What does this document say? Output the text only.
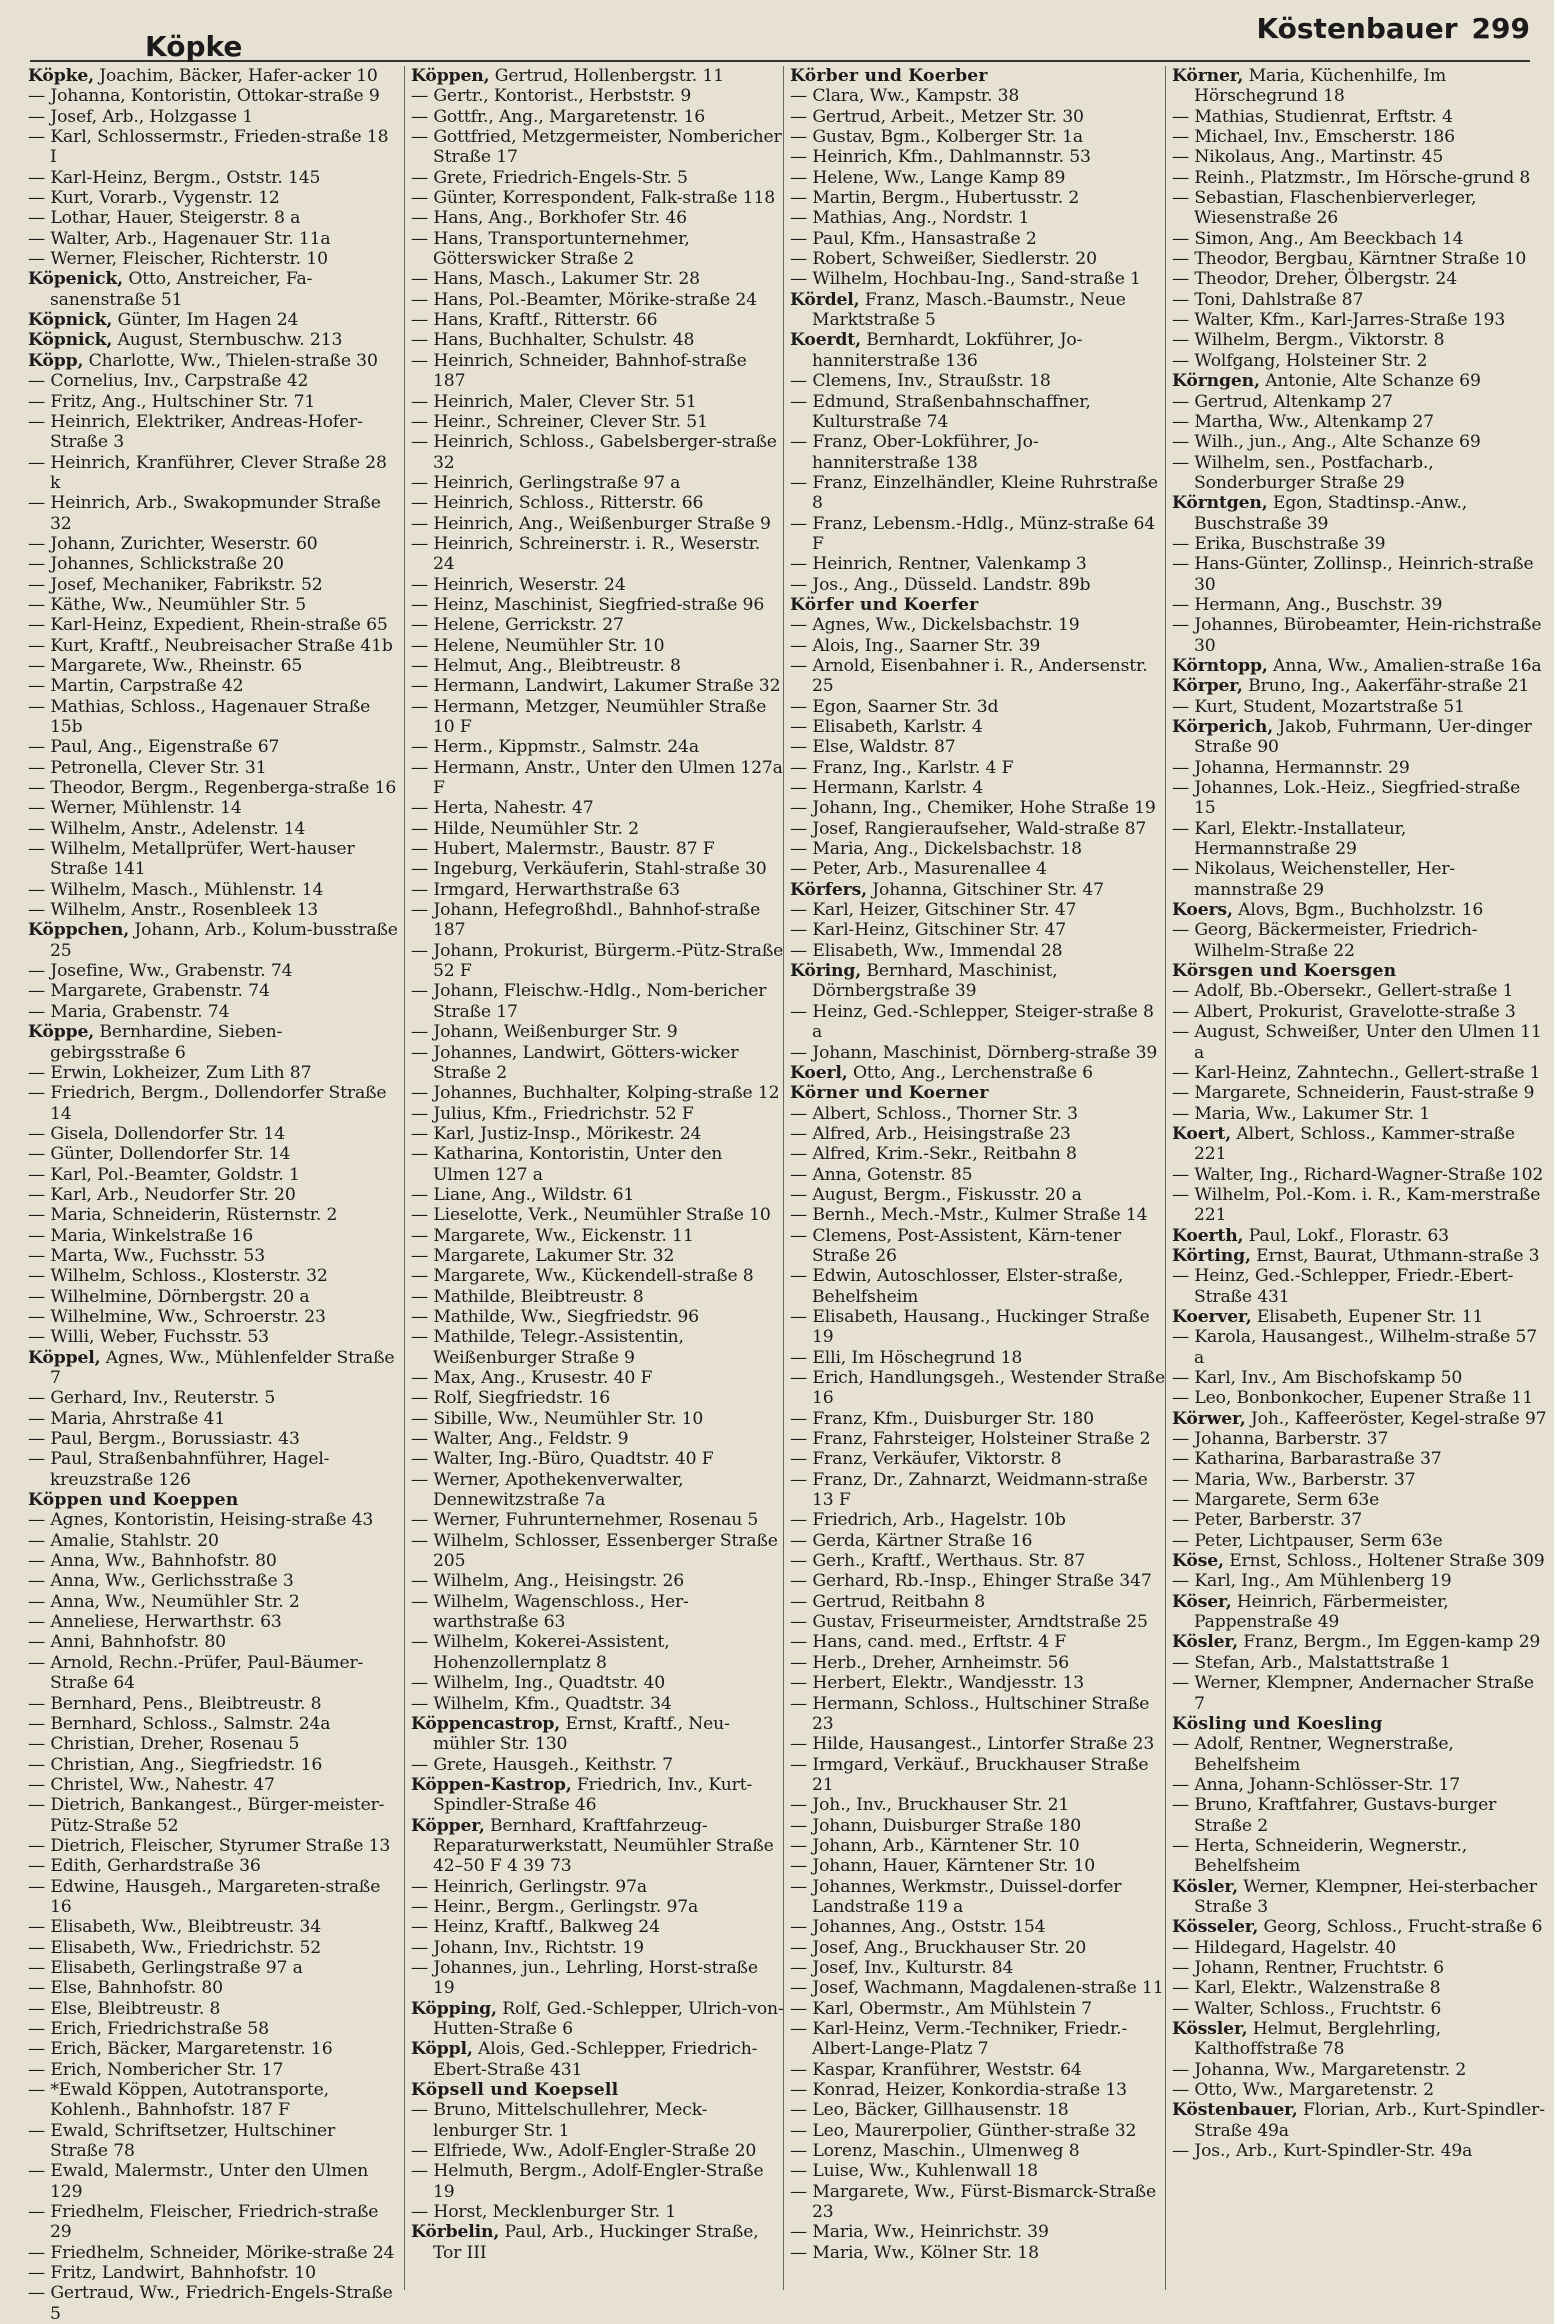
Köpke
Köstenbauer 299
Köpke, Joachim, Bäcker, Hafer-acker 10
— Johanna, Kontoristin, Ottokar-straße 9
— Josef, Arb., Holzgasse 1
— Karl, Schlossermstr., Frieden-straße 18 I
— Karl-Heinz, Bergm., Oststr. 145
— Kurt, Vorarb., Vygenstr. 12
— Lothar, Hauer, Steigerstr. 8 a
— Walter, Arb., Hagenauer Str. 11a
— Werner, Fleischer, Richterstr. 10
Köpenick, Otto, Anstreicher, Fa-sanenstraße 51
Köpnick, Günter, Im Hagen 24
Köpnick, August, Sternbuschw. 213
Köpp, Charlotte, Ww., Thielen-straße 30
— Cornelius, Inv., Carpstraße 42
— Fritz, Ang., Hultschiner Str. 71
— Heinrich, Elektriker, Andreas-Hofer-Straße 3
— Heinrich, Kranführer, Clever Straße 28 k
— Heinrich, Arb., Swakopmunder Straße 32
— Johann, Zurichter, Weserstr. 60
— Johannes, Schlickstraße 20
— Josef, Mechaniker, Fabrikstr. 52
— Käthe, Ww., Neumühler Str. 5
— Karl-Heinz, Expedient, Rhein-straße 65
— Kurt, Kraftf., Neubreisacher Straße 41b
— Margarete, Ww., Rheinstr. 65
— Martin, Carpstraße 42
— Mathias, Schloss., Hagenauer Straße 15b
— Paul, Ang., Eigenstraße 67
— Petronella, Clever Str. 31
— Theodor, Bergm., Regenberga-straße 16
— Werner, Mühlenstr. 14
— Wilhelm, Anstr., Adelenstr. 14
— Wilhelm, Metallprüfer, Wert-hauser Straße 141
— Wilhelm, Masch., Mühlenstr. 14
— Wilhelm, Anstr., Rosenbleek 13
Köppchen, Johann, Arb., Kolum-busstraße 25
— Josefine, Ww., Grabenstr. 74
— Margarete, Grabenstr. 74
— Maria, Grabenstr. 74
Köppe, Bernhardine, Sieben-gebirgsstraße 6
— Erwin, Lokheizer, Zum Lith 87
— Friedrich, Bergm., Dollendorfer Straße 14
— Gisela, Dollendorfer Str. 14
— Günter, Dollendorfer Str. 14
— Karl, Pol.-Beamter, Goldstr. 1
— Karl, Arb., Neudorfer Str. 20
— Maria, Schneiderin, Rüsternstr. 2
— Maria, Winkelstraße 16
— Marta, Ww., Fuchsstr. 53
— Wilhelm, Schloss., Klosterstr. 32
— Wilhelmine, Dörnbergstr. 20 a
— Wilhelmine, Ww., Schroerstr. 23
— Willi, Weber, Fuchsstr. 53
Köppel, Agnes, Ww., Mühlenfelder Straße 7
— Gerhard, Inv., Reuterstr. 5
— Maria, Ahrstraße 41
— Paul, Bergm., Borussiastr. 43
— Paul, Straßenbahnführer, Hagel-kreuzstraße 126
Köppen und Koeppen
— Agnes, Kontoristin, Heising-straße 43
— Amalie, Stahlstr. 20
— Anna, Ww., Bahnhofstr. 80
— Anna, Ww., Gerlichsstraße 3
— Anna, Ww., Neumühler Str. 2
— Anneliese, Herwarthstr. 63
— Anni, Bahnhofstr. 80
— Arnold, Rechn.-Prüfer, Paul-Bäumer-Straße 64
— Bernhard, Pens., Bleibtreustr. 8
— Bernhard, Schloss., Salmstr. 24a
— Christian, Dreher, Rosenau 5
— Christian, Ang., Siegfriedstr. 16
— Christel, Ww., Nahestr. 47
— Dietrich, Bankangest., Bürger-meister-Pütz-Straße 52
— Dietrich, Fleischer, Styrumer Straße 13
— Edith, Gerhardstraße 36
— Edwine, Hausgeh., Margareten-straße 16
— Elisabeth, Ww., Bleibtreustr. 34
— Elisabeth, Ww., Friedrichstr. 52
— Elisabeth, Gerlingstraße 97 a
— Else, Bahnhofstr. 80
— Else, Bleibtreustr. 8
— Erich, Friedrichstraße 58
— Erich, Bäcker, Margaretenstr. 16
— Erich, Nombericher Str. 17
— *Ewald Köppen, Autotransporte, Kohlenh., Bahnhofstr. 187 F
— Ewald, Schriftsetzer, Hultschiner Straße 78
— Ewald, Malermstr., Unter den Ulmen 129
— Friedhelm, Fleischer, Friedrich-straße 29
— Friedhelm, Schneider, Mörike-straße 24
— Fritz, Landwirt, Bahnhofstr. 10
— Gertraud, Ww., Friedrich-Engels-Straße 5
Köppen, Gertrud, Hollenbergstr. 11
— Gertr., Kontorist., Herbststr. 9
— Gottfr., Ang., Margaretenstr. 16
— Gottfried, Metzgermeister, Nombericher Straße 17
— Grete, Friedrich-Engels-Str. 5
— Günter, Korrespondent, Falk-straße 118
— Hans, Ang., Borkhofer Str. 46
— Hans, Transportunternehmer, Götterswicker Straße 2
— Hans, Masch., Lakumer Str. 28
— Hans, Pol.-Beamter, Mörike-straße 24
— Hans, Kraftf., Ritterstr. 66
— Hans, Buchhalter, Schulstr. 48
— Heinrich, Schneider, Bahnhof-straße 187
— Heinrich, Maler, Clever Str. 51
— Heinr., Schreiner, Clever Str. 51
— Heinrich, Schloss., Gabelsberger-straße 32
— Heinrich, Gerlingstraße 97 a
— Heinrich, Schloss., Ritterstr. 66
— Heinrich, Ang., Weißenburger Straße 9
— Heinrich, Schreinerstr. i. R., Weserstr. 24
— Heinrich, Weserstr. 24
— Heinz, Maschinist, Siegfried-straße 96
— Helene, Gerrickstr. 27
— Helene, Neumühler Str. 10
— Helmut, Ang., Bleibtreustr. 8
— Hermann, Landwirt, Lakumer Straße 32
— Hermann, Metzger, Neumühler Straße 10 F
— Herm., Kippmstr., Salmstr. 24a
— Hermann, Anstr., Unter den Ulmen 127a F
— Herta, Nahestr. 47
— Hilde, Neumühler Str. 2
— Hubert, Malermstr., Baustr. 87 F
— Ingeburg, Verkäuferin, Stahl-straße 30
— Irmgard, Herwarthstraße 63
— Johann, Hefegroßhdl., Bahnhof-straße 187
— Johann, Prokurist, Bürgerm.-Pütz-Straße 52 F
— Johann, Fleischw.-Hdlg., Nom-bericher Straße 17
— Johann, Weißenburger Str. 9
— Johannes, Landwirt, Götters-wicker Straße 2
— Johannes, Buchhalter, Kolping-straße 12
— Julius, Kfm., Friedrichstr. 52 F
— Karl, Justiz-Insp., Mörikestr. 24
— Katharina, Kontoristin, Unter den Ulmen 127 a
— Liane, Ang., Wildstr. 61
— Lieselotte, Verk., Neumühler Straße 10
— Margarete, Ww., Eickenstr. 11
— Margarete, Lakumer Str. 32
— Margarete, Ww., Kückendell-straße 8
— Mathilde, Bleibtreustr. 8
— Mathilde, Ww., Siegfriedstr. 96
— Mathilde, Telegr.-Assistentin, Weißenburger Straße 9
— Max, Ang., Krusestr. 40 F
— Rolf, Siegfriedstr. 16
— Sibille, Ww., Neumühler Str. 10
— Walter, Ang., Feldstr. 9
— Walter, Ing.-Büro, Quadtstr. 40 F
— Werner, Apothekenverwalter, Dennewitzstraße 7a
— Werner, Fuhrunternehmer, Rosenau 5
— Wilhelm, Schlosser, Essenberger Straße 205
— Wilhelm, Ang., Heisingstr. 26
— Wilhelm, Wagenschloss., Her-warthstraße 63
— Wilhelm, Kokerei-Assistent, Hohenzollernplatz 8
— Wilhelm, Ing., Quadtstr. 40
— Wilhelm, Kfm., Quadtstr. 34
Köppencastrop, Ernst, Kraftf., Neu-mühler Str. 130
— Grete, Hausgeh., Keithstr. 7
Köppen-Kastrop, Friedrich, Inv., Kurt-Spindler-Straße 46
Köpper, Bernhard, Kraftfahrzeug-Reparaturwerkstatt, Neumühler Straße 42–50 F 4 39 73
— Heinrich, Gerlingstr. 97a
— Heinr., Bergm., Gerlingstr. 97a
— Heinz, Kraftf., Balkweg 24
— Johann, Inv., Richtstr. 19
— Johannes, jun., Lehrling, Horst-straße 19
Köpping, Rolf, Ged.-Schlepper, Ulrich-von-Hutten-Straße 6
Köppl, Alois, Ged.-Schlepper, Friedrich-Ebert-Straße 431
Köpsell und Koepsell
— Bruno, Mittelschullehrer, Meck-lenburger Str. 1
— Elfriede, Ww., Adolf-Engler-Straße 20
— Helmuth, Bergm., Adolf-Engler-Straße 19
— Horst, Mecklenburger Str. 1
Körbelin, Paul, Arb., Huckinger Straße, Tor III
Körber und Koerber
— Clara, Ww., Kampstr. 38
— Gertrud, Arbeit., Metzer Str. 30
— Gustav, Bgm., Kolberger Str. 1a
— Heinrich, Kfm., Dahlmannstr. 53
— Helene, Ww., Lange Kamp 89
— Martin, Bergm., Hubertusstr. 2
— Mathias, Ang., Nordstr. 1
— Paul, Kfm., Hansastraße 2
— Robert, Schweißer, Siedlerstr. 20
— Wilhelm, Hochbau-Ing., Sand-straße 1
Kördel, Franz, Masch.-Baumstr., Neue Marktstraße 5
Koerdt, Bernhardt, Lokführer, Jo-hanniterstraße 136
— Clemens, Inv., Straußstr. 18
— Edmund, Straßenbahnschaffner, Kulturstraße 74
— Franz, Ober-Lokführer, Jo-hanniterstraße 138
— Franz, Einzelhändler, Kleine Ruhrstraße 8
— Franz, Lebensm.-Hdlg., Münz-straße 64 F
— Heinrich, Rentner, Valenkamp 3
— Jos., Ang., Düsseld. Landstr. 89b
Körfer und Koerfer
— Agnes, Ww., Dickelsbachstr. 19
— Alois, Ing., Saarner Str. 39
— Arnold, Eisenbahner i. R., Andersenstr. 25
— Egon, Saarner Str. 3d
— Elisabeth, Karlstr. 4
— Else, Waldstr. 87
— Franz, Ing., Karlstr. 4 F
— Hermann, Karlstr. 4
— Johann, Ing., Chemiker, Hohe Straße 19
— Josef, Rangieraufseher, Wald-straße 87
— Maria, Ang., Dickelsbachstr. 18
— Peter, Arb., Masurenallee 4
Körfers, Johanna, Gitschiner Str. 47
— Karl, Heizer, Gitschiner Str. 47
— Karl-Heinz, Gitschiner Str. 47
— Elisabeth, Ww., Immendal 28
Köring, Bernhard, Maschinist, Dörnbergstraße 39
— Heinz, Ged.-Schlepper, Steiger-straße 8 a
— Johann, Maschinist, Dörnberg-straße 39
Koerl, Otto, Ang., Lerchenstraße 6
Körner und Koerner
— Albert, Schloss., Thorner Str. 3
— Alfred, Arb., Heisingstraße 23
— Alfred, Krim.-Sekr., Reitbahn 8
— Anna, Gotenstr. 85
— August, Bergm., Fiskusstr. 20 a
— Bernh., Mech.-Mstr., Kulmer Straße 14
— Clemens, Post-Assistent, Kärn-tener Straße 26
— Edwin, Autoschlosser, Elster-straße, Behelfsheim
— Elisabeth, Hausang., Huckinger Straße 19
— Elli, Im Höschegrund 18
— Erich, Handlungsgeh., Westender Straße 16
— Franz, Kfm., Duisburger Str. 180
— Franz, Fahrsteiger, Holsteiner Straße 2
— Franz, Verkäufer, Viktorstr. 8
— Franz, Dr., Zahnarzt, Weidmann-straße 13 F
— Friedrich, Arb., Hagelstr. 10b
— Gerda, Kärtner Straße 16
— Gerh., Kraftf., Werthaus. Str. 87
— Gerhard, Rb.-Insp., Ehinger Straße 347
— Gertrud, Reitbahn 8
— Gustav, Friseurmeister, Arndtstraße 25
— Hans, cand. med., Erftstr. 4 F
— Herb., Dreher, Arnheimstr. 56
— Herbert, Elektr., Wandjesstr. 13
— Hermann, Schloss., Hultschiner Straße 23
— Hilde, Hausangest., Lintorfer Straße 23
— Irmgard, Verkäuf., Bruckhauser Straße 21
— Joh., Inv., Bruckhauser Str. 21
— Johann, Duisburger Straße 180
— Johann, Arb., Kärntener Str. 10
— Johann, Hauer, Kärntener Str. 10
— Johannes, Werkmstr., Duissel-dorfer Landstraße 119 a
— Johannes, Ang., Oststr. 154
— Josef, Ang., Bruckhauser Str. 20
— Josef, Inv., Kulturstr. 84
— Josef, Wachmann, Magdalenen-straße 11
— Karl, Obermstr., Am Mühlstein 7
— Karl-Heinz, Verm.-Techniker, Friedr.-Albert-Lange-Platz 7
— Kaspar, Kranführer, Weststr. 64
— Konrad, Heizer, Konkordia-straße 13
— Leo, Bäcker, Gillhausenstr. 18
— Leo, Maurerpolier, Günther-straße 32
— Lorenz, Maschin., Ulmenweg 8
— Luise, Ww., Kuhlenwall 18
— Margarete, Ww., Fürst-Bismarck-Straße 23
— Maria, Ww., Heinrichstr. 39
— Maria, Ww., Kölner Str. 18
Körner, Maria, Küchenhilfe, Im Hörschegrund 18
— Mathias, Studienrat, Erftstr. 4
— Michael, Inv., Emscherstr. 186
— Nikolaus, Ang., Martinstr. 45
— Reinh., Platzmstr., Im Hörsche-grund 8
— Sebastian, Flaschenbierverleger, Wiesenstraße 26
— Simon, Ang., Am Beeckbach 14
— Theodor, Bergbau, Kärntner Straße 10
— Theodor, Dreher, Ölbergstr. 24
— Toni, Dahlstraße 87
— Walter, Kfm., Karl-Jarres-Straße 193
— Wilhelm, Bergm., Viktorstr. 8
— Wolfgang, Holsteiner Str. 2
Körngen, Antonie, Alte Schanze 69
— Gertrud, Altenkamp 27
— Martha, Ww., Altenkamp 27
— Wilh., jun., Ang., Alte Schanze 69
— Wilhelm, sen., Postfacharb., Sonderburger Straße 29
Körntgen, Egon, Stadtinsp.-Anw., Buschstraße 39
— Erika, Buschstraße 39
— Hans-Günter, Zollinsp., Heinrich-straße 30
— Hermann, Ang., Buschstr. 39
— Johannes, Bürobeamter, Hein-richstraße 30
Körntopp, Anna, Ww., Amalien-straße 16a
Körper, Bruno, Ing., Aakerfähr-straße 21
— Kurt, Student, Mozartstraße 51
Körperich, Jakob, Fuhrmann, Uer-dinger Straße 90
— Johanna, Hermannstr. 29
— Johannes, Lok.-Heiz., Siegfried-straße 15
— Karl, Elektr.-Installateur, Hermannstraße 29
— Nikolaus, Weichensteller, Her-mannstraße 29
Koers, Alovs, Bgm., Buchholzstr. 16
— Georg, Bäckermeister, Friedrich-Wilhelm-Straße 22
Körsgen und Koersgen
— Adolf, Bb.-Obersekr., Gellert-straße 1
— Albert, Prokurist, Gravelotte-straße 3
— August, Schweißer, Unter den Ulmen 11 a
— Karl-Heinz, Zahntechn., Gellert-straße 1
— Margarete, Schneiderin, Faust-straße 9
— Maria, Ww., Lakumer Str. 1
Koert, Albert, Schloss., Kammer-straße 221
— Walter, Ing., Richard-Wagner-Straße 102
— Wilhelm, Pol.-Kom. i. R., Kam-merstraße 221
Koerth, Paul, Lokf., Florastr. 63
Körting, Ernst, Baurat, Uthmann-straße 3
— Heinz, Ged.-Schlepper, Friedr.-Ebert-Straße 431
Koerver, Elisabeth, Eupener Str. 11
— Karola, Hausangest., Wilhelm-straße 57 a
— Karl, Inv., Am Bischofskamp 50
— Leo, Bonbonkocher, Eupener Straße 11
Körwer, Joh., Kaffeeröster, Kegel-straße 97
— Johanna, Barberstr. 37
— Katharina, Barbarastraße 37
— Maria, Ww., Barberstr. 37
— Margarete, Serm 63e
— Peter, Barberstr. 37
— Peter, Lichtpauser, Serm 63e
Köse, Ernst, Schloss., Holtener Straße 309
— Karl, Ing., Am Mühlenberg 19
Köser, Heinrich, Färbermeister, Pappenstraße 49
Kösler, Franz, Bergm., Im Eggen-kamp 29
— Stefan, Arb., Malstattstraße 1
— Werner, Klempner, Andernacher Straße 7
Kösling und Koesling
— Adolf, Rentner, Wegnerstraße, Behelfsheim
— Anna, Johann-Schlösser-Str. 17
— Bruno, Kraftfahrer, Gustavs-burger Straße 2
— Herta, Schneiderin, Wegnerstr., Behelfsheim
Kösler, Werner, Klempner, Hei-sterbacher Straße 3
Kösseler, Georg, Schloss., Frucht-straße 6
— Hildegard, Hagelstr. 40
— Johann, Rentner, Fruchtstr. 6
— Karl, Elektr., Walzenstraße 8
— Walter, Schloss., Fruchtstr. 6
Kössler, Helmut, Berglehrling, Kalthoffstraße 78
— Johanna, Ww., Margaretenstr. 2
— Otto, Ww., Margaretenstr. 2
Köstenbauer, Florian, Arb., Kurt-Spindler-Straße 49a
— Jos., Arb., Kurt-Spindler-Str. 49a
